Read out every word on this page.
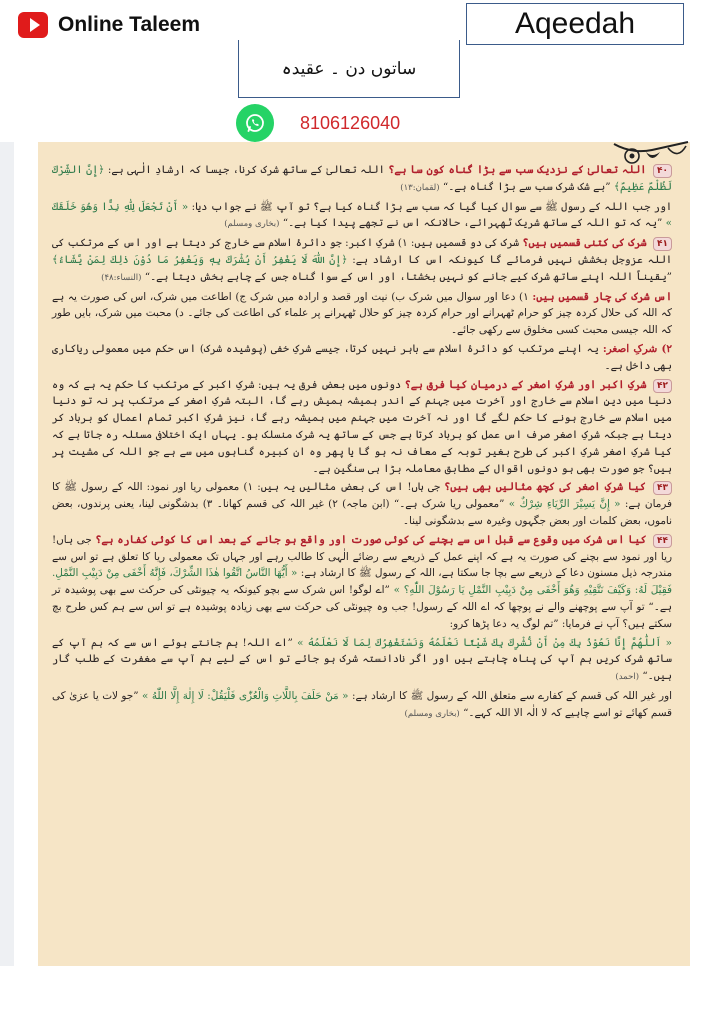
Online Taleem	Aqeedah
ساتوں دن ۔ عقیدہ
8106126040

۴۰ اللہ تعالیٰ کے نزدیک سب سے بڑا گناہ کون سا ہے؟ اللہ تعالیٰ کے ساتھ شرک کرنا، جیسا کہ ارشادِ الٰہی ہے: ﴿إِنَّ الشِّرْكَ لَظُلْمٌ عَظِيمٌ﴾ ”بے شک شرک سب سے بڑا گناہ ہے۔“ (لقمان:۱۳)

اور جب اللہ کے رسول ﷺ سے سوال کیا گیا کہ سب سے بڑا گناہ کیا ہے؟ تو آپ ﷺ نے جواب دیا: « أَنْ تَجْعَلَ لِلّٰهِ نِدًّا وَهُوَ خَلَقَكَ » ”یہ کہ تو اللہ کے ساتھ شریک ٹھہرائے، حالانکہ اس نے تجھے پیدا کیا ہے۔“ (بخاری ومسلم)

۴۱ شرک کی کتنی قسمیں ہیں؟ شرک کی دو قسمیں ہیں: ۱) شرکِ اکبر: جو دائرۂ اسلام سے خارج کر دیتا ہے اور اس کے مرتکب کی اللہ عزوجل بخشش نہیں فرمائے گا کیونکہ اس کا ارشاد ہے: ﴿إِنَّ اللّٰهَ لَا يَغْفِرُ أَنْ يُشْرَكَ بِهٖ وَيَغْفِرُ مَا دُوْنَ ذٰلِكَ لِمَنْ يَّشَاءُ﴾ ”یقیناً اللہ اپنے ساتھ شرک کیے جانے کو نہیں بخشتا، اور اس کے سوا گناہ جس کے چاہے بخش دیتا ہے۔“ (النساء:۴۸)

اس شرک کی چار قسمیں ہیں: ۱) دعا اور سوال میں شرک ب) نیت اور قصد و ارادہ میں شرک ج) اطاعت میں شرک، اس کی صورت یہ ہے کہ اللہ کی حلال کردہ چیز کو حرام ٹھہرانے اور حرام کردہ چیز کو حلال ٹھہرانے پر علماء کی اطاعت کی جائے۔ د) محبت میں شرک، بایں طور کہ اللہ جیسی محبت کسی مخلوق سے رکھی جائے۔

۲) شرکِ اصغر: یہ اپنے مرتکب کو دائرۂ اسلام سے باہر نہیں کرتا، جیسے شرکِ خفی (پوشیدہ شرک) اس حکم میں معمولی ریاکاری بھی داخل ہے۔

۴۲ شرکِ اکبر اور شرکِ اصغر کے درمیان کیا فرق ہے؟ دونوں میں بعض فرق یہ ہیں: شرکِ اکبر کے مرتکب کا حکم یہ ہے کہ وہ دنیا میں دینِ اسلام سے خارج اور آخرت میں جہنم کے اندر ہمیشہ ہمیش رہے گا، البتہ شرکِ اصغر کے مرتکب پر نہ تو دنیا میں اسلام سے خارج ہونے کا حکم لگے گا اور نہ آخرت میں جہنم میں ہمیشہ رہے گا، نیز شرکِ اکبر تمام اعمال کو برباد کر دیتا ہے جبکہ شرکِ اصغر صرف اس عمل کو برباد کرتا ہے جس کے ساتھ یہ شرک منسلک ہو۔ یہاں ایک اختلافی مسئلہ رہ جاتا ہے کہ کیا شرکِ اصغر شرکِ اکبر کی طرح بغیر توبہ کے معاف نہ ہو گا یا پھر وہ ان کبیرہ گناہوں میں سے ہے جو اللہ کی مشیت پر ہیں؟ جو صورت بھی ہو دونوں اقوال کے مطابق معاملہ بڑا ہی سنگین ہے۔

۴۳ کیا شرکِ اصغر کی کچھ مثالیں بھی ہیں؟ جی ہاں! اس کی بعض مثالیں یہ ہیں: ۱) معمولی ریا اور نمود: اللہ کے رسول ﷺ کا فرمان ہے: « إِنَّ يَسِيْرَ الرِّيَاءِ شِرْكٌ » ”معمولی ریا شرک ہے۔“ (ابن ماجہ) ۲) غیر اللہ کی قسم کھانا۔ ۳) بدشگونی لینا، یعنی پرندوں، بعض ناموں، بعض کلمات اور بعض جگہوں وغیرہ سے بدشگونی لینا۔

۴۴ کیا اس شرک میں وقوع سے قبل اس سے بچنے کی کوئی صورت اور واقع ہو جانے کے بعد اس کا کوئی کفارہ ہے؟ جی ہاں! ریا اور نمود سے بچنے کی صورت یہ ہے کہ اپنے عمل کے ذریعے سے رضائے الٰہی کا طالب رہے اور جہاں تک معمولی ریا کا تعلق ہے تو اس سے مندرجہ ذیل مسنون دعا کے ذریعے سے بچا جا سکتا ہے، اللہ کے رسول ﷺ کا ارشاد ہے: « أَيُّهَا النَّاسُ اتَّقُوا هٰذَا الشِّرْكَ، فَإِنَّهُ أَخْفَى مِنْ دَبِيْبِ النَّمْلِ. فَقِيْلَ لَهُ: وَكَيْفَ نَتَّقِيْهِ وَهُوَ أَخْفَى مِنْ دَبِيْبِ النَّمْلِ يَا رَسُوْلَ اللّٰهِ؟ » ”اے لوگو! اس شرک سے بچو کیونکہ یہ چیونٹی کی حرکت سے بھی پوشیدہ تر ہے۔“ تو آپ سے پوچھنے والے نے پوچھا کہ اے اللہ کے رسول! جب وہ چیونٹی کی حرکت سے بھی زیادہ پوشیدہ ہے تو اس سے ہم کس طرح بچ سکتے ہیں؟ آپ نے فرمایا: ”تم لوگ یہ دعا پڑھا کرو:

« اَللّٰهُمَّ إِنَّا نَعُوْذُ بِكَ مِنْ أَنْ نُّشْرِكَ بِكَ شَيْئًا نَعْلَمُهُ وَنَسْتَغْفِرُكَ لِمَا لَا نَعْلَمُهُ » ”اے اللہ! ہم جانتے ہوئے اس سے کہ ہم آپ کے ساتھ شرک کریں ہم آپ کی پناہ چاہتے ہیں اور اگر نادانستہ شرک ہو جائے تو اس کے لیے ہم آپ سے مغفرت کے طلب گار ہیں۔“ (احمد)

اور غیر اللہ کی قسم کے کفارے سے متعلق اللہ کے رسول ﷺ کا ارشاد ہے: « مَنْ حَلَفَ بِاللَّاتِ وَالْعُزّٰى فَلْيَقُلْ: لَا إِلٰهَ إِلَّا اللّٰهُ » ”جو لات یا عزیٰ کی قسم کھائے تو اسے چاہیے کہ لا الٰہ الا اللہ کہے۔“ (بخاری ومسلم)
